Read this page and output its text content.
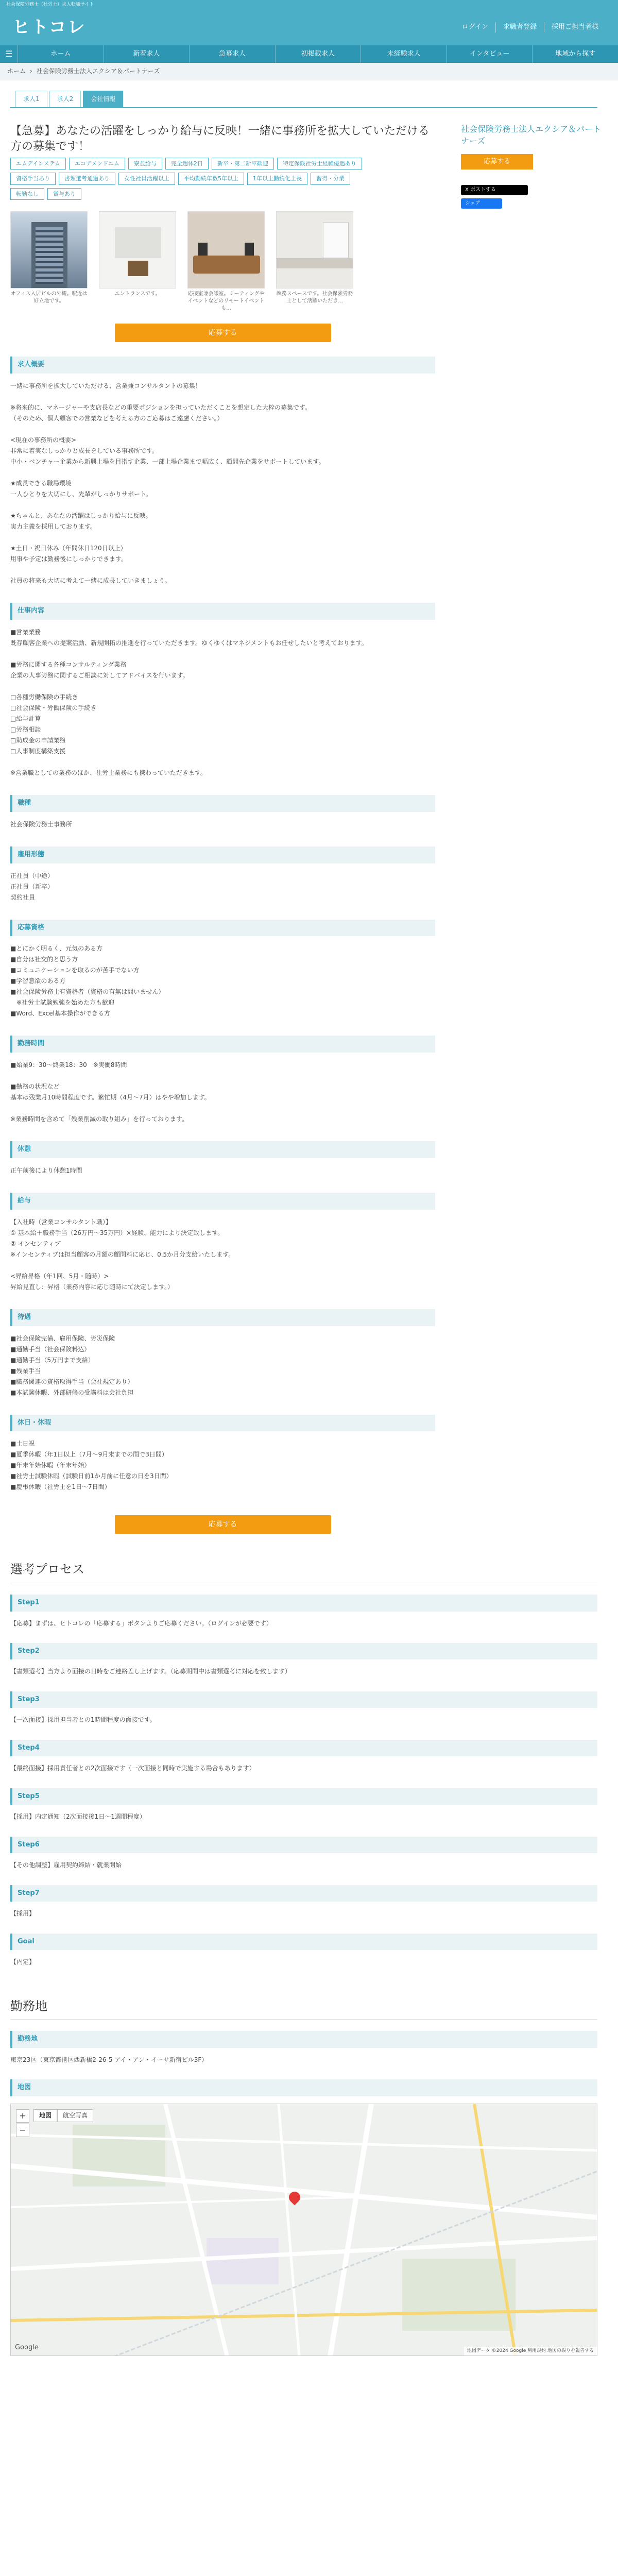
社会保険労務士（社労士）求人転職サイト
ヒトコレ	ログイン	求職者登録	採用ご担当者様
☰	ホーム	新着求人	急募求人	初掲載求人	未経験求人	インタビュー	地域から探す
ホーム › 社会保険労務士法人エクシア＆パートナーズ
求人1	求人2	会社情報
【急募】あなたの活躍をしっかり給与に反映！一緒に事務所を拡大していただける方の募集です！
エムデインステム	エコアメンドエム	寮並給与	完全週休2日	新卒・第二新卒歓迎	特定保険社労士経験優遇あり
資格手当あり	書類選考通過あり	女性社員活躍以上	平均勤続年数5年以上	1年以上勤続化上長	習得・分業
転勤なし	賞与あり
オフィス入居ビルの外観。駅近は好立地です。
エントランスです。	応接室兼会議室。ミーティングやイベントなどのリモートイベントも...
執務スペースです。社会保険労務士として活躍いただき...
応募する
求人概要
一緒に事務所を拡大していただける、営業兼コンサルタントの募集！

※将来的に、マネージャーや支店長などの重要ポジションを担っていただくことを想定した大枠の募集です。
（そのため、個人顧客での営業などを考える方のご応募はご遠慮ください。）

<現在の事務所の概要>
非常に着実なしっかりと成長をしている事務所です。
中小・ベンチャー企業から新興上場を目指す企業、一部上場企業まで幅広く、顧問先企業をサポートしています。

★成長できる職場環境
一人ひとりを大切にし、先輩がしっかりサポート。

★ちゃんと、あなたの活躍はしっかり給与に反映。
実力主義を採用しております。

★土日・祝日休み（年間休日120日以上）
用事や予定は勤務後にしっかりできます。

社員の将来も大切に考えて一緒に成長していきましょう。
仕事内容
■営業業務
既存顧客企業への提案活動、新規開拓の推進を行っていただきます。ゆくゆくはマネジメントもお任せしたいと考えております。

■労務に関する各種コンサルティング業務
企業の人事労務に関するご相談に対してアドバイスを行います。

□各種労働保険の手続き
□社会保険・労働保険の手続き
□給与計算
□労務相談
□助成金の申請業務
□人事制度構築支援

※営業職としての業務のほか、社労士業務にも携わっていただきます。
職種
社会保険労務士事務所
雇用形態
正社員（中途）
正社員（新卒）
契約社員
応募資格
■とにかく明るく、元気のある方
■自分は社交的と思う方
■コミュニケーションを取るのが苦手でない方
■学習意欲のある方
■社会保険労務士有資格者（資格の有無は問いません）
　※社労士試験勉強を始めた方も歓迎
■Word、Excel基本操作ができる方
勤務時間
■始業9：30～終業18：30　※実働8時間

■勤務の状況など
基本は残業月10時間程度です。繁忙期（4月～7月）はやや増加します。

※業務時間を含めて「残業削減の取り組み」を行っております。
休憩
正午前後により休憩1時間
給与
【入社時（営業コンサルタント職）】
① 基本給＋職務手当（26万円～35万円）×経験、能力により決定致します。
② インセンティブ
※インセンティブは担当顧客の月額の顧問料に応じ、0.5か月分支給いたします。

<昇給昇格（年1回、5月・随時）>
昇給見直し：昇格（業務内容に応じ随時にて決定します。）
待遇
■社会保険完備、雇用保険、労災保険
■通勤手当（社会保険料込）
■通勤手当（5万円まで支給）
■残業手当
■職務関連の資格取得手当（会社規定あり）
■本試験休暇、外部研修の受講料は会社負担
休日・休暇
■土日祝
■夏季休暇（年1日以上（7月～9月末までの間で3日間）
■年末年始休暇（年末年始）
■社労士試験休暇（試験日前1か月前に任意の日を3日間）
■慶弔休暇（社労士を1日～7日間）
応募する
社会保険労務士法人エクシア＆パートナーズ
応募する
X ポストする
シェア
選考プロセス
Step1
【応募】まずは、ヒトコレの「応募する」ボタンよりご応募ください。（ログインが必要です）
Step2
【書類選考】当方より面接の日時をご連絡差し上げます。（応募期間中は書類選考に対応を致します）
Step3
【一次面接】採用担当者との1時間程度の面接です。
Step4
【最終面接】採用責任者との2次面接です（一次面接と同時で実施する場合もあります）
Step5
【採用】内定通知（2次面接後1日～1週間程度）
Step6
【その他調整】雇用契約締結・就業開始
Step7
【採用】
Goal
【内定】
勤務地
勤務地
東京23区（東京都港区西新橋2-26-5 アイ・アン・イーサ新宿ビル3F）
地図
+
−
地図	航空写真
Google	地図データ ©2024 Google 利用規約 地図の誤りを報告する
